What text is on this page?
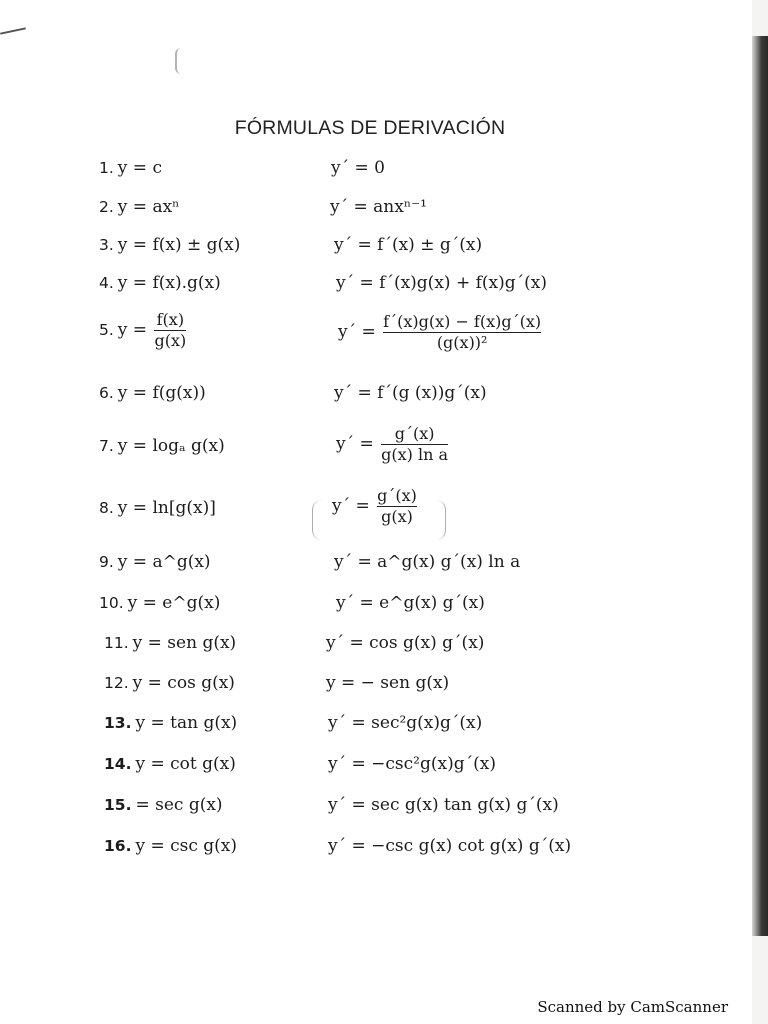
FÓRMULAS DE DERIVACIÓN
1. y = c	y´ = 0
2. y = axⁿ	y´ = anxⁿ⁻¹
3. y = f(x) ± g(x)	y´ = f´(x) ± g´(x)
4. y = f(x).g(x)	y´ = f´(x)g(x) + f(x)g´(x)
5. $y = \frac{f(x)}{g(x)}$	y´ = $\frac{f´(x)g(x) - f(x)g´(x)}{\text{(g(x))²}}$
6. y = f(g(x))	y´ = f´(g (x))g´(x)
7. y = logₐ g(x)	y´ = $\frac{g´(x)}{\text{g(x) ln a}}$
8. y = ln[g(x)]	y´ = $\frac{g´(x)}{g(x)}$
9. y = a^g(x)	y´ = a^g(x) g´(x) ln a
10. y = e^g(x)	y´ = e^g(x) g´(x)
11. y = sen g(x)	y´ = cos g(x) g´(x)
12. y = cos g(x)	y = − sen g(x)
13. y = tan g(x)	y´ = sec²g(x)g´(x)
14. y = cot g(x)	y´ = −csc²g(x)g´(x)
15. = sec g(x)	y´ = sec g(x) tan g(x) g´(x)
16. y = csc g(x)	y´ = −csc g(x) cot g(x) g´(x)
Scanned by CamScanner
